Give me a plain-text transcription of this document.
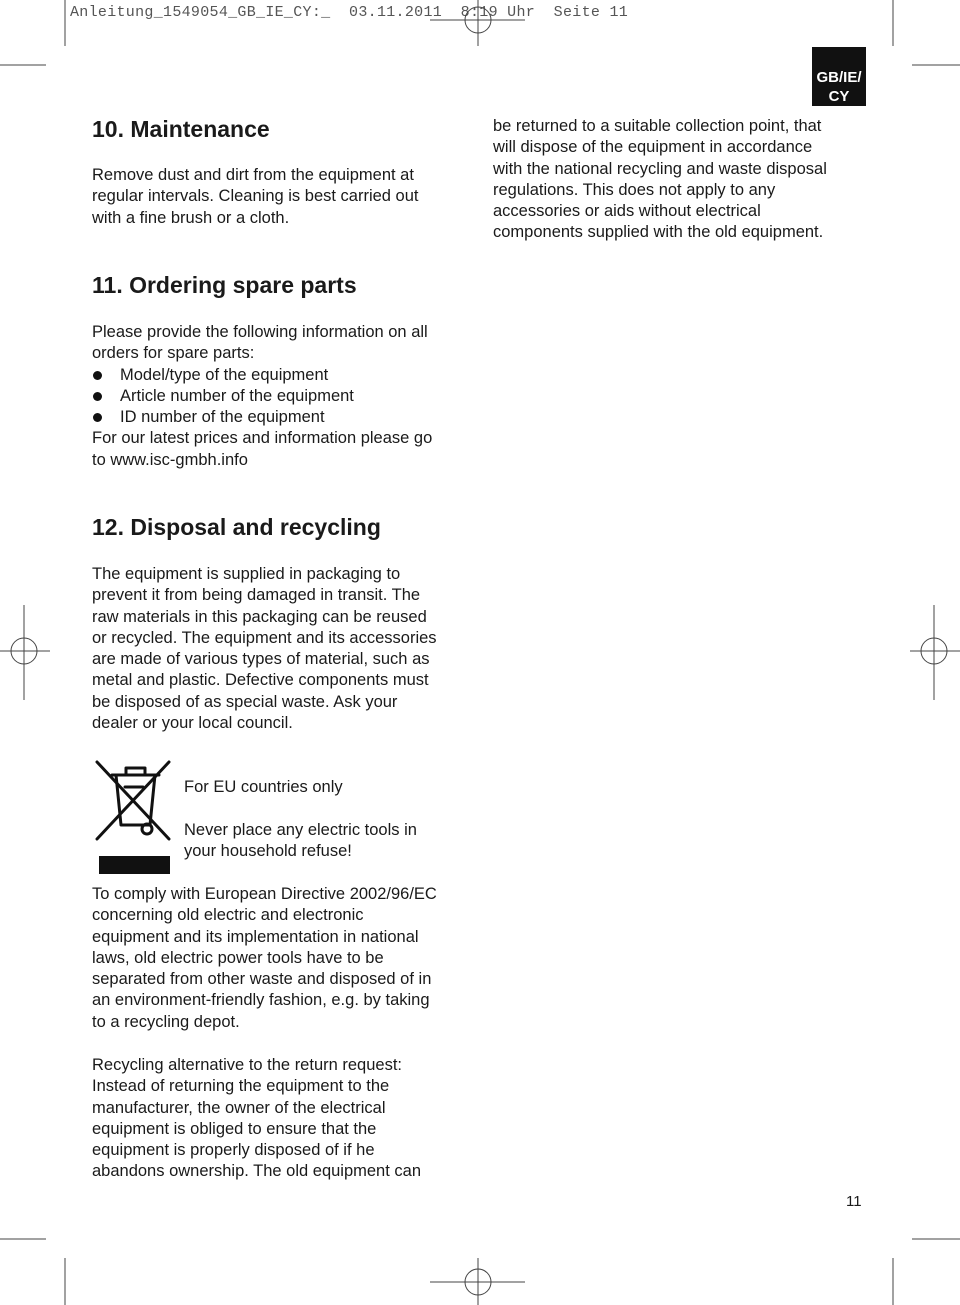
Anleitung_1549054_GB_IE_CY:_  03.11.2011  8:19 Uhr  Seite 11
GB/IE/
CY
10. Maintenance
Remove dust and dirt from the equipment at
regular intervals. Cleaning is best carried out
with a fine brush or a cloth.
be returned to a suitable collection point, that
will dispose of the equipment in accordance
with the national recycling and waste disposal
regulations. This does not apply to any
accessories or aids without electrical
components supplied with the old equipment.
11. Ordering spare parts
Please provide the following information on all
orders for spare parts:
Model/type of the equipment
Article number of the equipment
ID number of the equipment
For our latest prices and information please go
to www.isc-gmbh.info
12. Disposal and recycling
The equipment is supplied in packaging to
prevent it from being damaged in transit. The
raw materials in this packaging can be reused
or recycled. The equipment and its accessories
are made of various types of material, such as
metal and plastic. Defective components must
be disposed of as special waste. Ask your
dealer or your local council.
For EU countries only
Never place any electric tools in
your household refuse!
To comply with European Directive 2002/96/EC
concerning old electric and electronic
equipment and its implementation in national
laws, old electric power tools have to be
separated from other waste and disposed of in
an environment-friendly fashion, e.g. by taking
to a recycling depot.
Recycling alternative to the return request:
Instead of returning the equipment to the
manufacturer, the owner of the electrical
equipment is obliged to ensure that the
equipment is properly disposed of if he
abandons ownership. The old equipment can
11
